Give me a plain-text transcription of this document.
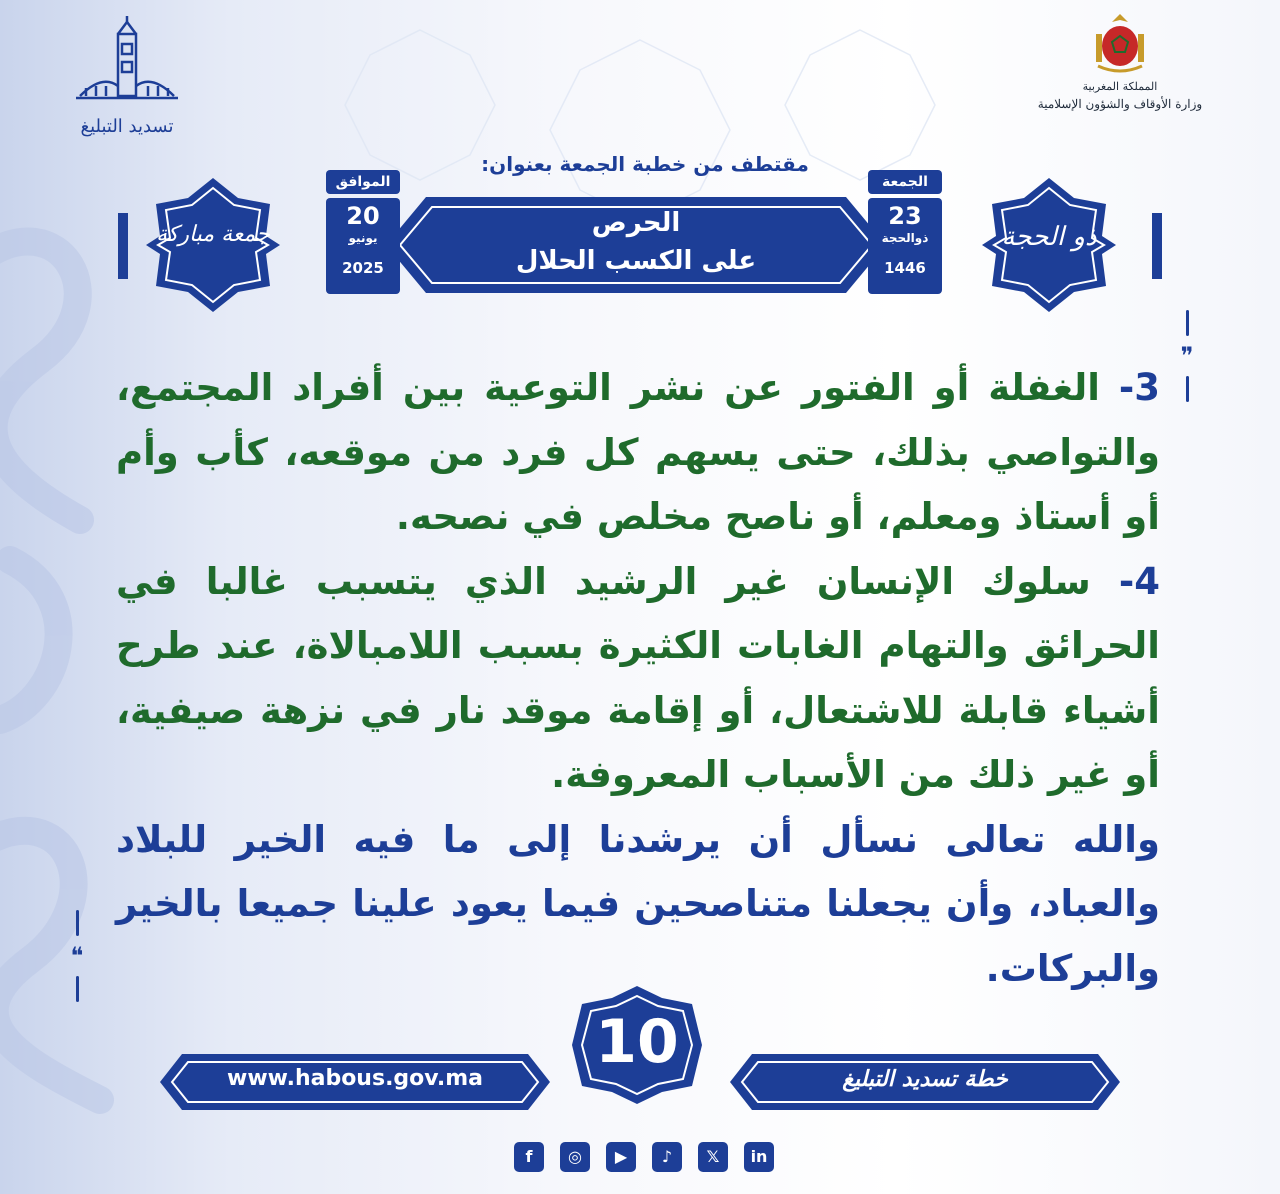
تسديد التبليغ
المملكة المغربية
وزارة الأوقاف والشؤون الإسلامية
مقتطف من خطبة الجمعة بعنوان:
الحرص
على الكسب الحلال
الجمعة
23
ذوالحجة
1446
الموافق
20
يونيو
2025
ذو الحجة
جمعة مباركة
❞
❝

3- الغفلة أو الفتور عن نشر التوعية بين أفراد المجتمع، والتواصي بذلك، حتى يسهم كل فرد من موقعه، كأب وأم أو أستاذ ومعلم، أو ناصح مخلص في نصحه.

4- سلوك الإنسان غير الرشيد الذي يتسبب غالبا في الحرائق والتهام الغابات الكثيرة بسبب اللامبالاة، عند طرح أشياء قابلة للاشتعال، أو إقامة موقد نار في نزهة صيفية، أو غير ذلك من الأسباب المعروفة.

والله تعالى نسأل أن يرشدنا إلى ما فيه الخير للبلاد والعباد، وأن يجعلنا متناصحين فيما يعود علينا جميعا بالخير والبركات.

www.habous.gov.ma	خطة تسديد التبليغ
10
f	◎	▶	♪	𝕏	in
